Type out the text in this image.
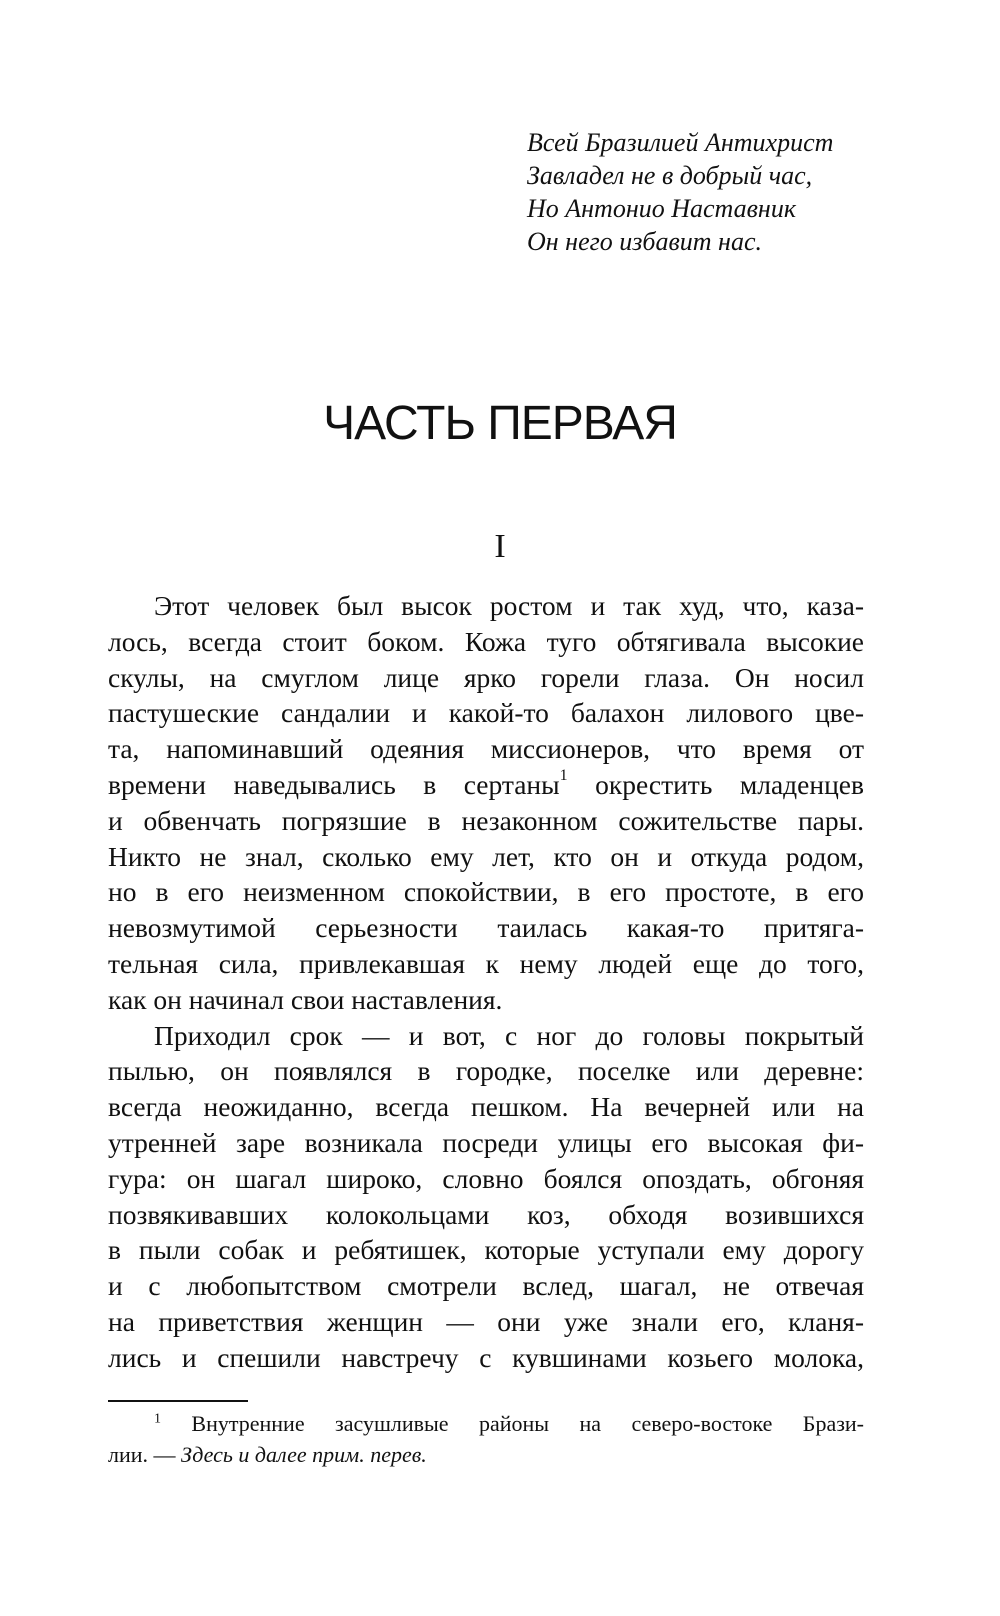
Всей Бразилией Антихрист
Завладел не в добрый час,
Но Антонио Наставник
Он него избавит нас.
ЧАСТЬ ПЕРВАЯ
I
Этот человек был высок ростом и так худ, что, каза-
лось, всегда стоит боком. Кожа туго обтягивала высокие
скулы, на смуглом лице ярко горели глаза. Он носил
пастушеские сандалии и какой-то балахон лилового цве-
та, напоминавший одеяния миссионеров, что время от
времени наведывались в сертаны$^1$ окрестить младенцев
и обвенчать погрязшие в незаконном сожительстве пары.
Никто не знал, сколько ему лет, кто он и откуда родом,
но в его неизменном спокойствии, в его простоте, в его
невозмутимой серьезности таилась какая-то притяга-
тельная сила, привлекавшая к нему людей еще до того,
как он начинал свои наставления.
Приходил срок — и вот, с ног до головы покрытый
пылью, он появлялся в городке, поселке или деревне:
всегда неожиданно, всегда пешком. На вечерней или на
утренней заре возникала посреди улицы его высокая фи-
гура: он шагал широко, словно боялся опоздать, обгоняя
позвякивавших колокольцами коз, обходя возившихся
в пыли собак и ребятишек, которые уступали ему дорогу
и с любопытством смотрели вслед, шагал, не отвечая
на приветствия женщин — они уже знали его, кланя-
лись и спешили навстречу с кувшинами козьего молока,
$^1$ Внутренние засушливые районы на северо-востоке Брази-
лии. — Здесь и далее прим. перев.
